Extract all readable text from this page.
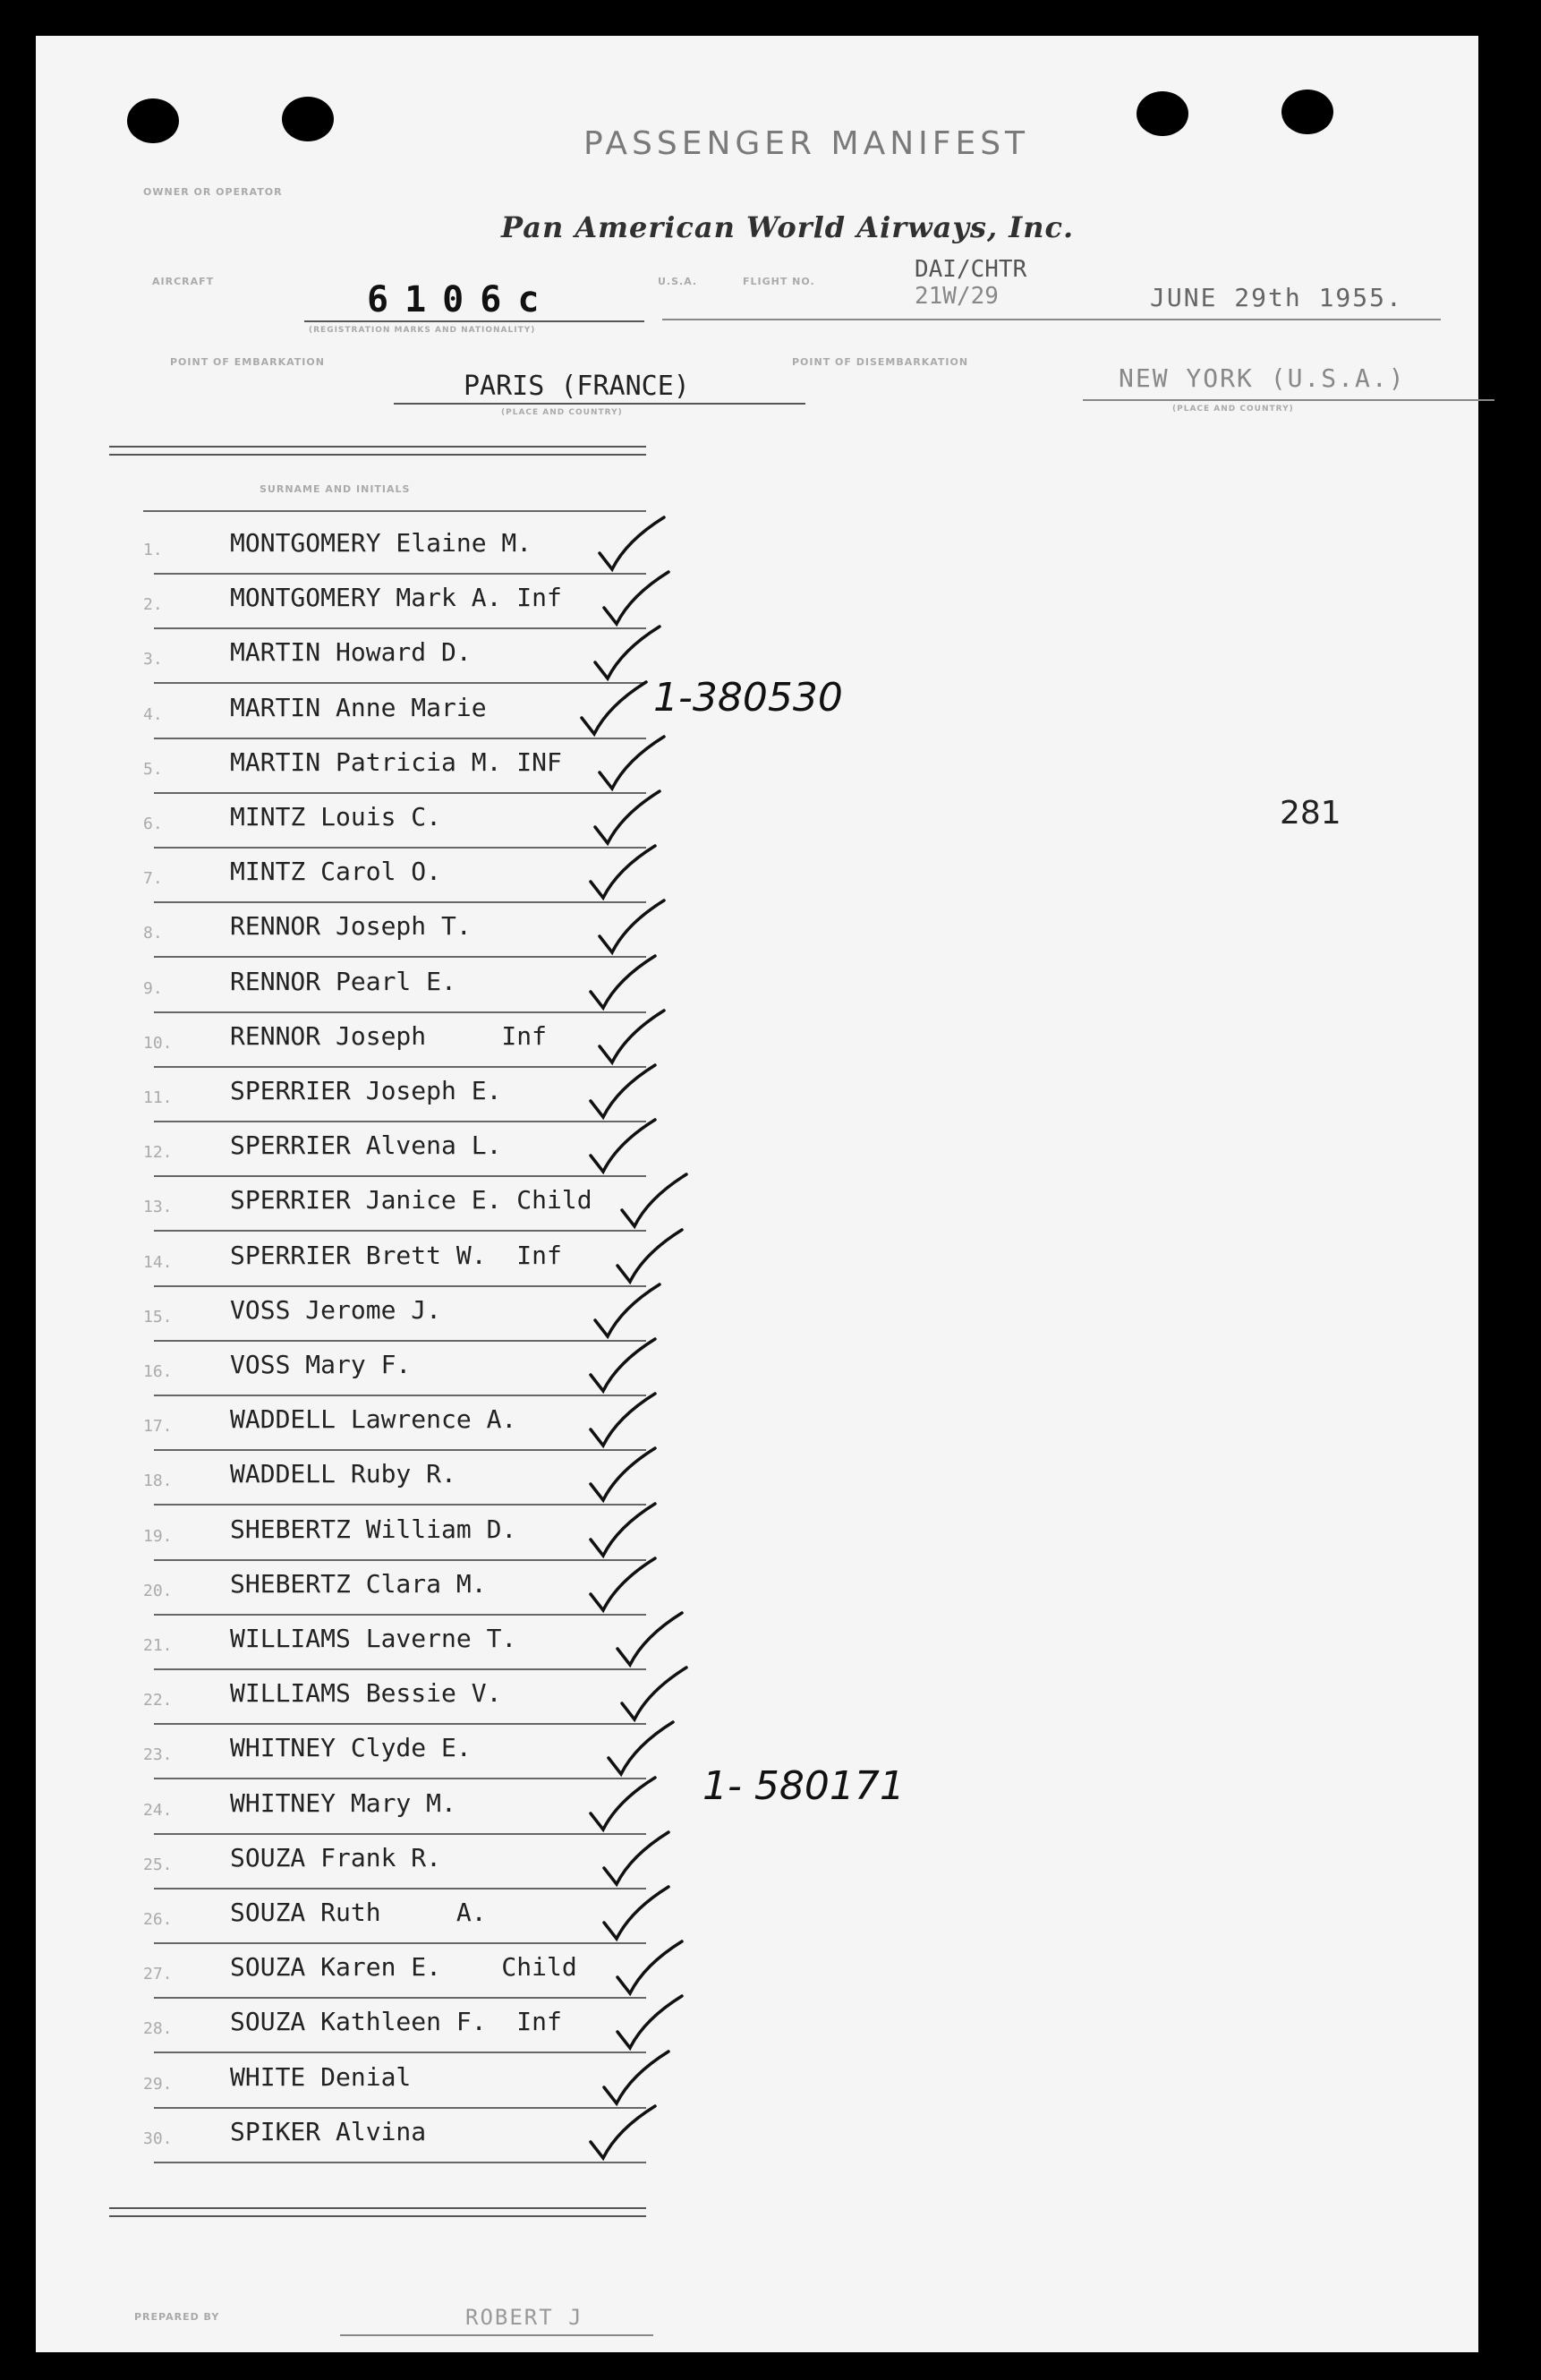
PASSENGER MANIFEST
OWNER OR OPERATOR
Pan American World Airways, Inc.
AIRCRAFT	6106c
(REGISTRATION MARKS AND NATIONALITY)
U.S.A.	FLIGHT NO.	DAI/CHTR
21W/29	JUNE 29th 1955.
POINT OF EMBARKATION
PARIS (FRANCE)
(PLACE AND COUNTRY)
POINT OF DISEMBARKATION
NEW YORK (U.S.A.)
(PLACE AND COUNTRY)
SURNAME AND INITIALS
1.	MONTGOMERY Elaine M.
2.	MONTGOMERY Mark A. Inf
3.	MARTIN Howard D.
4.	MARTIN Anne Marie
5.	MARTIN Patricia M. INF
6.	MINTZ Louis C.
7.	MINTZ Carol O.
8.	RENNOR Joseph T.
9.	RENNOR Pearl E.
10. RENNOR Joseph     Inf
11. SPERRIER Joseph E.
12. SPERRIER Alvena L.
13. SPERRIER Janice E. Child
14. SPERRIER Brett W.  Inf
15. VOSS Jerome J.
16. VOSS Mary F.
17. WADDELL Lawrence A.
18. WADDELL Ruby R.
19. SHEBERTZ William D.
20. SHEBERTZ Clara M.
21. WILLIAMS Laverne T.
22. WILLIAMS Bessie V.
23. WHITNEY Clyde E.
24. WHITNEY Mary M.
25. SOUZA Frank R.
26. SOUZA Ruth     A.
27. SOUZA Karen E.    Child
28. SOUZA Kathleen F.  Inf
29. WHITE Denial
30. SPIKER Alvina
1-380530
1- 580171
281
PREPARED BY	ROBERT J
